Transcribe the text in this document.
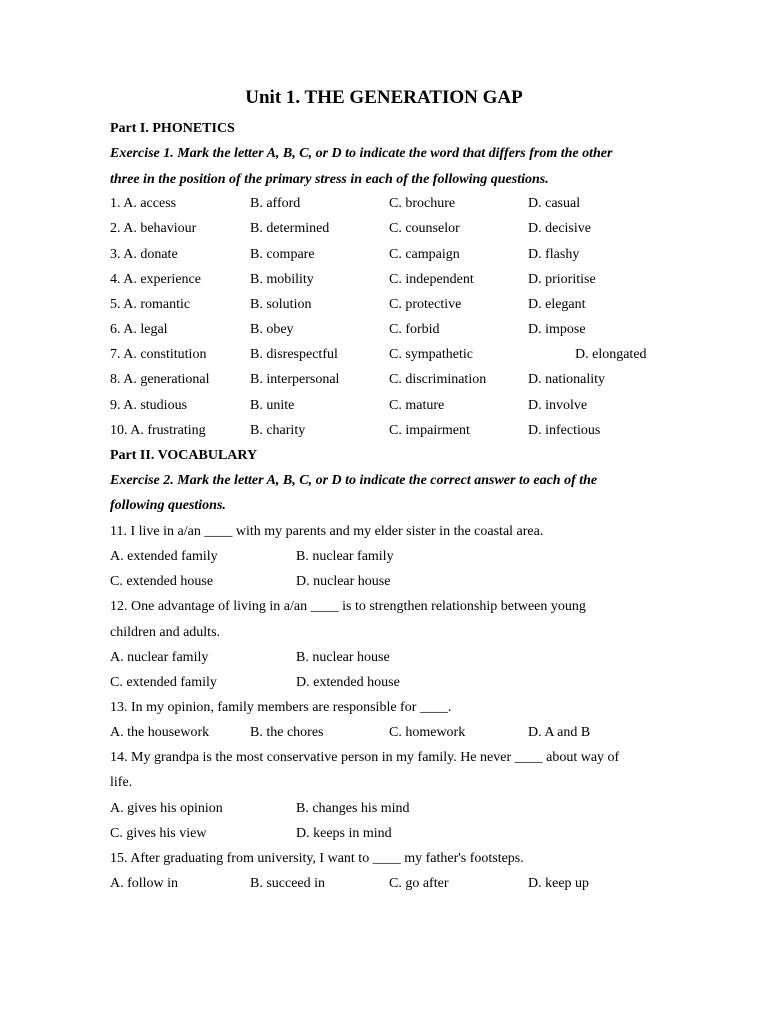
Unit 1. THE GENERATION GAP
Part I. PHONETICS
Exercise 1. Mark the letter A, B, C, or D to indicate the word that differs from the other
three in the position of the primary stress in each of the following questions.
1. A. access	B. afford	C. brochure	D. casual
2. A. behaviour	B. determined	C. counselor	D. decisive
3. A. donate	B. compare	C. campaign	D. flashy
4. A. experience	B. mobility	C. independent	D. prioritise
5. A. romantic	B. solution	C. protective	D. elegant
6. A. legal	B. obey	C. forbid	D. impose
7. A. constitution	B. disrespectful	C. sympathetic	D. elongated
8. A. generational	B. interpersonal	C. discrimination	D. nationality
9. A. studious	B. unite	C. mature	D. involve
10. A. frustrating	B. charity	C. impairment	D. infectious
Part II. VOCABULARY
Exercise 2. Mark the letter A, B, C, or D to indicate the correct answer to each of the
following questions.
11. I live in a/an ____ with my parents and my elder sister in the coastal area.
A. extended family	B. nuclear family
C. extended house	D. nuclear house
12. One advantage of living in a/an ____ is to strengthen relationship between young
children and adults.
A. nuclear family	B. nuclear house
C. extended family	D. extended house
13. In my opinion, family members are responsible for ____.
A. the housework	B. the chores	C. homework	D. A and B
14. My grandpa is the most conservative person in my family. He never ____ about way of
life.
A. gives his opinion	B. changes his mind
C. gives his view	D. keeps in mind
15. After graduating from university, I want to ____ my father's footsteps.
A. follow in	B. succeed in	C. go after	D. keep up
